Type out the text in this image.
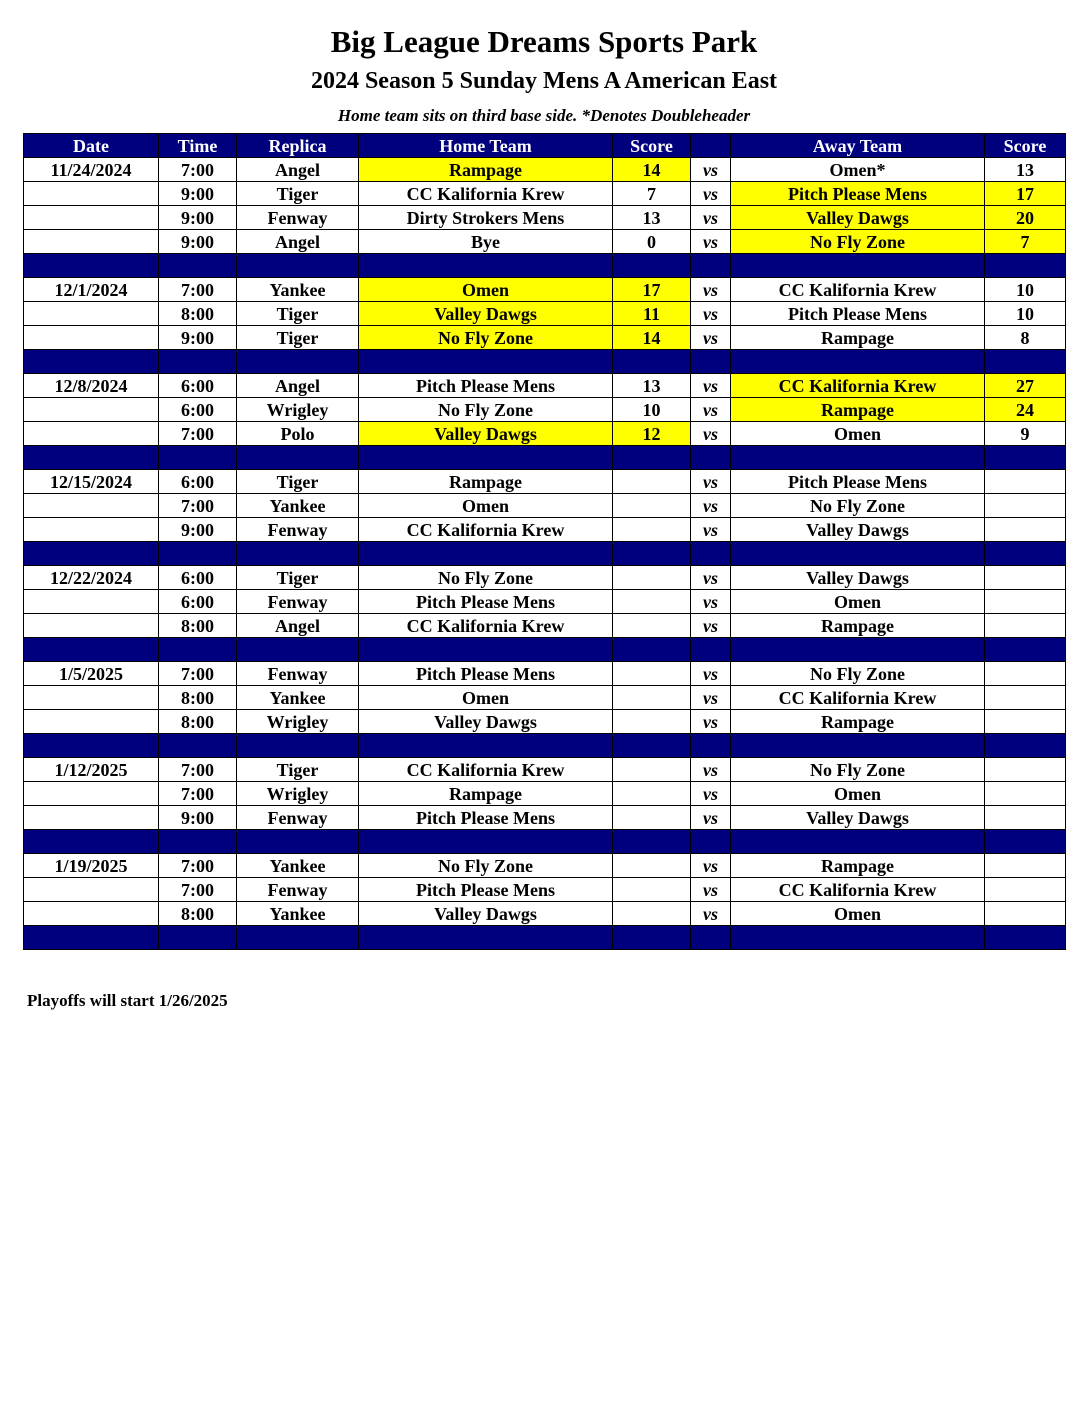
Big League Dreams Sports Park
2024 Season 5 Sunday Mens A American East
Home team sits on third base side. *Denotes Doubleheader
Date	Time	Replica	Home Team	Score		Away Team	Score
11/24/2024	7:00	Angel	Rampage	14	vs	Omen*	13
	9:00	Tiger	CC Kalifornia Krew	7	vs	Pitch Please Mens	17
	9:00	Fenway	Dirty Strokers Mens	13	vs	Valley Dawgs	20
	9:00	Angel	Bye	0	vs	No Fly Zone	7

12/1/2024	7:00	Yankee	Omen	17	vs	CC Kalifornia Krew	10
	8:00	Tiger	Valley Dawgs	11	vs	Pitch Please Mens	10
	9:00	Tiger	No Fly Zone	14	vs	Rampage	8

12/8/2024	6:00	Angel	Pitch Please Mens	13	vs	CC Kalifornia Krew	27
	6:00	Wrigley	No Fly Zone	10	vs	Rampage	24
	7:00	Polo	Valley Dawgs	12	vs	Omen	9

12/15/2024	6:00	Tiger	Rampage		vs	Pitch Please Mens	
	7:00	Yankee	Omen		vs	No Fly Zone	
	9:00	Fenway	CC Kalifornia Krew		vs	Valley Dawgs	

12/22/2024	6:00	Tiger	No Fly Zone		vs	Valley Dawgs	
	6:00	Fenway	Pitch Please Mens		vs	Omen	
	8:00	Angel	CC Kalifornia Krew		vs	Rampage	

1/5/2025	7:00	Fenway	Pitch Please Mens		vs	No Fly Zone	
	8:00	Yankee	Omen		vs	CC Kalifornia Krew	
	8:00	Wrigley	Valley Dawgs		vs	Rampage	

1/12/2025	7:00	Tiger	CC Kalifornia Krew		vs	No Fly Zone	
	7:00	Wrigley	Rampage		vs	Omen	
	9:00	Fenway	Pitch Please Mens		vs	Valley Dawgs	

1/19/2025	7:00	Yankee	No Fly Zone		vs	Rampage	
	7:00	Fenway	Pitch Please Mens		vs	CC Kalifornia Krew	
	8:00	Yankee	Valley Dawgs		vs	Omen	

Playoffs will start 1/26/2025
